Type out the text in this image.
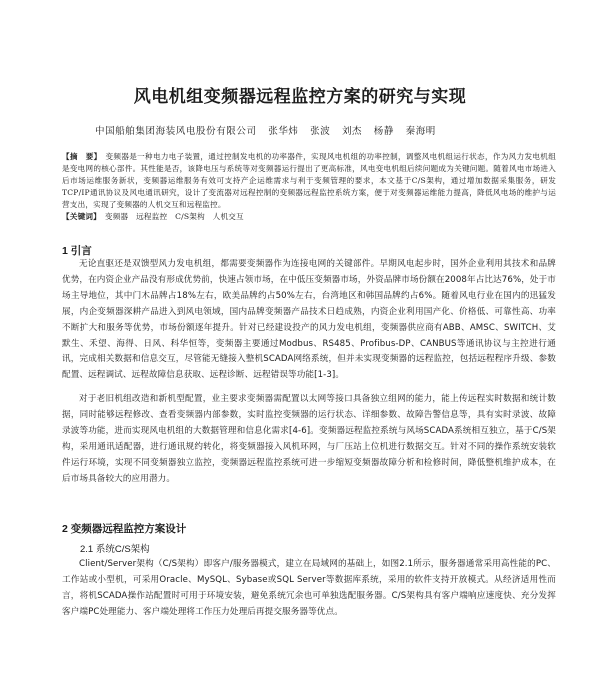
风电机组变频器远程监控方案的研究与实现
中国船舶集团海装风电股份有限公司 张华炜 张波 刘杰 杨静 秦海明
【摘　要】 变频器是一种电力电子装置，通过控制发电机的功率器件，实现风电机组的功率控制，调整风电机组运行状态，作为风力发电机组是变电网的核心部件。其性能是否，该降电压与系统等对变频器运行提出了更高标准，风电变电机组后续问题成为关键问题。随着风电市场进入后市场运维服务新状，变频器运维服务有效可支持产企运维需求与利于变频管理的要求，本文基于C/S架构，通过增加数据采集服务，研发TCP/IP通讯协议及风电通讯研究，设计了变流器对远程控制的变频器远程监控系统方案，便于对变频器运维能力提高，降低风电场的维护与运营支出，实现了变频器的人机交互和远程监控。
【关键词】 变频器　远程监控　C/S架构　人机交互
1 引言
无论直驱还是双馈型风力发电机组，都需要变频器作为连接电网的关键部件。早期风电起步时，国外企业利用其技术和品牌优势，在内资企业产品没有形成优势前，快速占领市场，在中低压变频器市场，外资品牌市场份额在2008年占比达76%，处于市场主导地位，其中门木品牌占18%左右，欧美品牌约占50%左右，台湾地区和韩国品牌约占6%。随着风电行业在国内的迅猛发展，内企变频器深耕产品进入到风电领域，国内品牌变频器产品技术日趋成熟，内资企业利用国产化、价格低、可靠性高、功率不断扩大和服务等优势，市场份额逐年提升。针对已经建设投产的风力发电机组，变频器供应商有ABB、AMSC、SWITCH、艾默生、禾望、海得、日风、科华恒等，变频器主要通过Modbus、RS485、Profibus-DP、CANBUS等通讯协议与主控进行通讯，完成相关数据和信息交互，尽管能无缝接入整机SCADA网络系统，但并未实现变频器的远程监控，包括远程程序升级、参数配置、远程调试、远程故障信息获取、远程诊断、远程错误等功能[1-3]。
对于老旧机组改造和新机型配置，业主要求变频器需配置以太网等接口具备独立组网的能力，能上传远程实时数据和统计数据，同时能够远程修改、查看变频器内部参数，实时监控变频器的运行状态、详细参数、故障告警信息等，具有实时录波、故障录波等功能，进而实现风电机组的大数据管理和信息化需求[4-6]。变频器远程监控系统与风场SCADA系统相互独立，基于C/S架构，采用通讯适配器，进行通讯规约转化，将变频器接入风机环网，与厂压站上位机进行数据交互。针对不同的操作系统安装软件运行环境，实现不同变频器独立监控，变频器远程监控系统可进一步缩短变频器故障分析和检修时间，降低整机维护成本，在后市场具备较大的应用潜力。
2 变频器远程监控方案设计
2.1 系统C/S架构
Client/Server架构（C/S架构）即客户/服务器模式，建立在局域网的基础上，如图2.1所示，服务器通常采用高性能的PC、工作站或小型机，可采用Oracle、MySQL、Sybase或SQL Server等数据库系统，采用的软件支持开放模式。从经济适用性而言，将机SCADA操作站配置时可用于环境安装，避免系统冗余也可单独选配服务器。C/S架构具有客户端响应速度快、充分发挥客户端PC处理能力、客户端处理将工作压力处理后再提交服务器等优点。
